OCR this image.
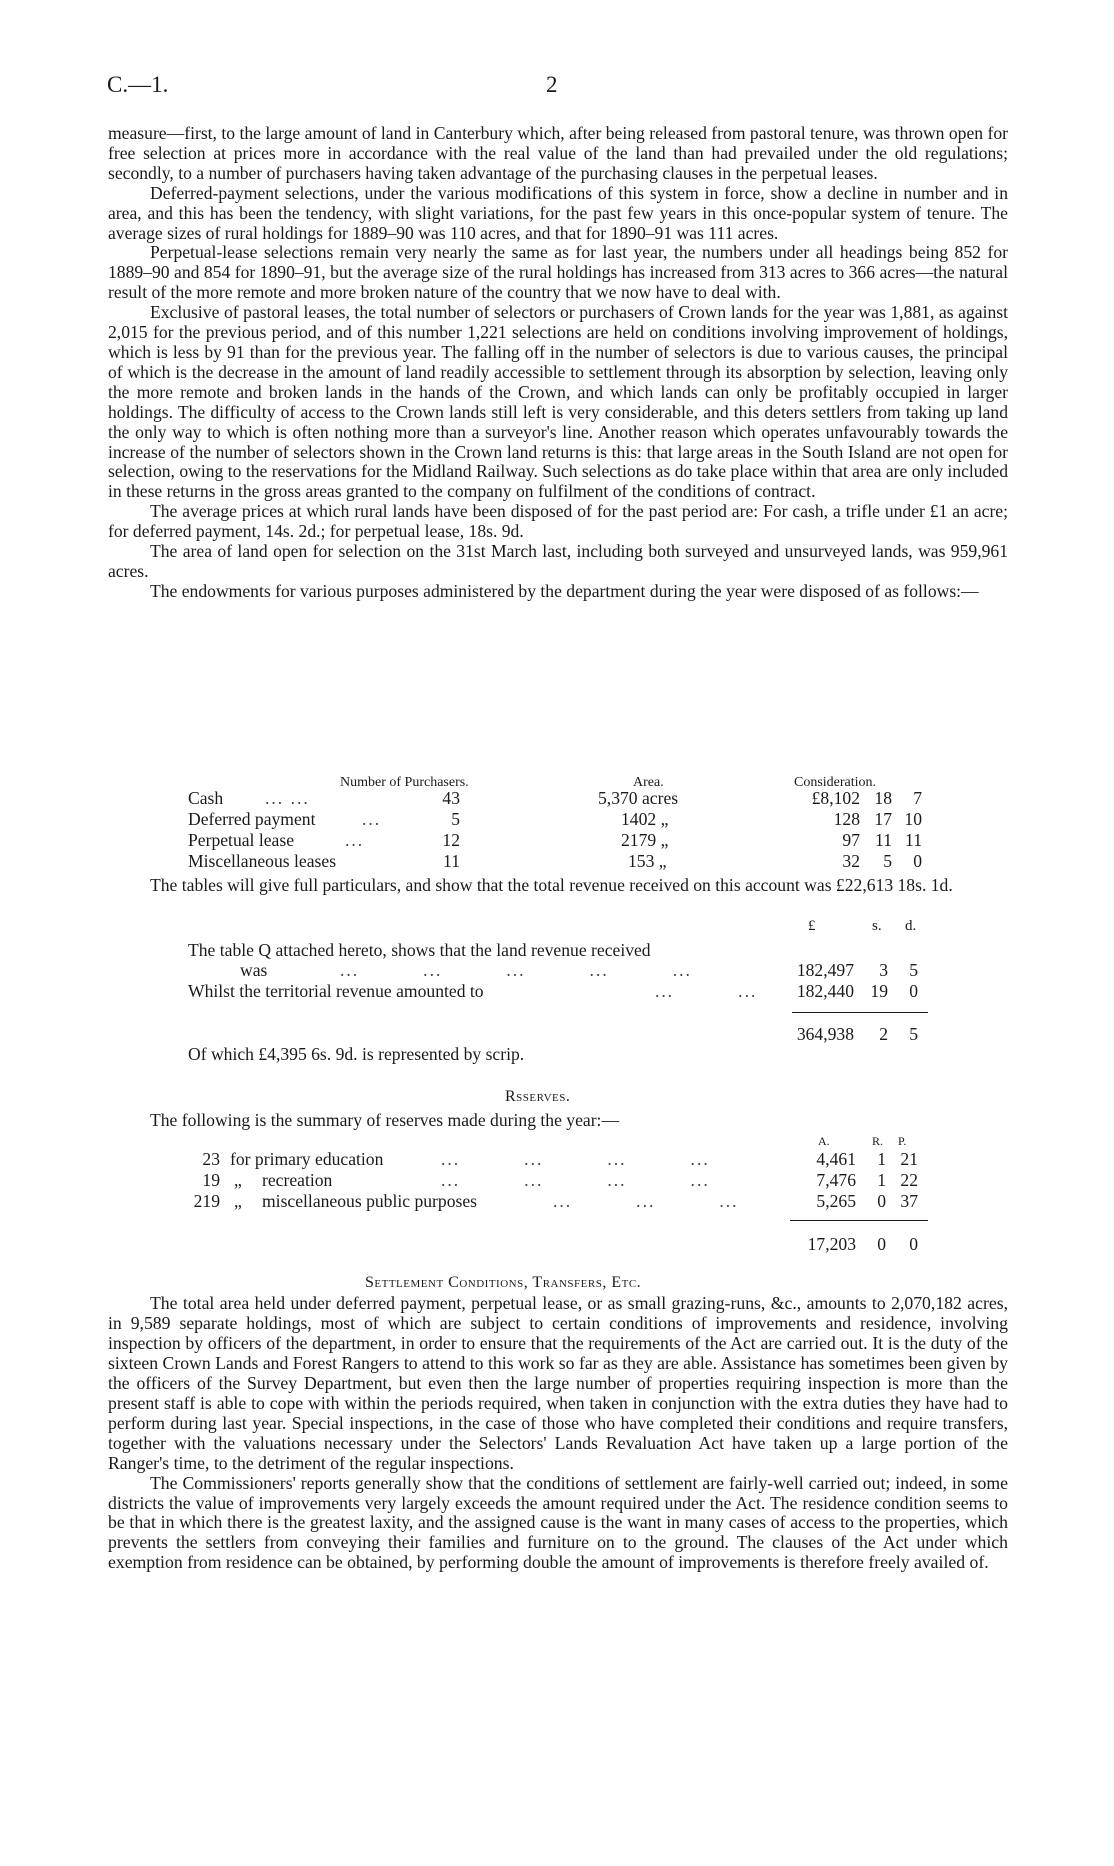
C.—1.	2

measure—first, to the large amount of land in Canterbury which, after being released from pastoral tenure, was thrown open for free selection at prices more in accordance with the real value of the land than had prevailed under the old regulations; secondly, to a number of purchasers having taken advantage of the purchasing clauses in the perpetual leases.

Deferred-payment selections, under the various modifications of this system in force, show a decline in number and in area, and this has been the tendency, with slight variations, for the past few years in this once-popular system of tenure. The average sizes of rural holdings for 1889–90 was 110 acres, and that for 1890–91 was 111 acres.

Perpetual-lease selections remain very nearly the same as for last year, the numbers under all headings being 852 for 1889–90 and 854 for 1890–91, but the average size of the rural holdings has increased from 313 acres to 366 acres—the natural result of the more remote and more broken nature of the country that we now have to deal with.

Exclusive of pastoral leases, the total number of selectors or purchasers of Crown lands for the year was 1,881, as against 2,015 for the previous period, and of this number 1,221 selections are held on conditions involving improvement of holdings, which is less by 91 than for the previous year. The falling off in the number of selectors is due to various causes, the principal of which is the decrease in the amount of land readily accessible to settlement through its absorption by selection, leaving only the more remote and broken lands in the hands of the Crown, and which lands can only be profitably occupied in larger holdings. The difficulty of access to the Crown lands still left is very considerable, and this deters settlers from taking up land the only way to which is often nothing more than a surveyor's line. Another reason which operates unfavourably towards the increase of the number of selectors shown in the Crown land returns is this: that large areas in the South Island are not open for selection, owing to the reservations for the Midland Railway. Such selections as do take place within that area are only included in these returns in the gross areas granted to the company on fulfilment of the conditions of contract.

The average prices at which rural lands have been disposed of for the past period are: For cash, a trifle under £1 an acre; for deferred payment, 14s. 2d.; for perpetual lease, 18s. 9d.

The area of land open for selection on the 31st March last, including both surveyed and unsurveyed lands, was 959,961 acres.

The endowments for various purposes administered by the department during the year were disposed of as follows:—

Number of Purchasers.	Area.	Consideration.
Cash ... ...	43	5,370 acres	£8,102 18	7
Deferred payment	...	5	1402 „	128 17 10
Perpetual lease	...	12	2179 „	97 11 11
Miscellaneous leases	11	153 „	32	5	0

The tables will give full particulars, and show that the total revenue received on this account was £22,613 18s. 1d.

£	s. d.
The table Q attached hereto, shows that the land revenue received
was	...          ...          ...          ...          ...	182,497	3	5
Whilst the territorial revenue amounted to	...          ...	182,440 19	0
364,938	2	5
Of which £4,395 6s. 9d. is represented by scrip.
Rsserves.
The following is the summary of reserves made during the year:—
A.	R. P.
23 for primary education	...          ...          ...          ...	4,461	1 21
19 „ recreation	...          ...          ...          ...	7,476	1 22
219 „ miscellaneous public purposes	...          ...          ...	5,265	0 37
17,203	0	0
Settlement Conditions, Transfers, Etc.

The total area held under deferred payment, perpetual lease, or as small grazing-runs, &c., amounts to 2,070,182 acres, in 9,589 separate holdings, most of which are subject to certain conditions of improvements and residence, involving inspection by officers of the department, in order to ensure that the requirements of the Act are carried out. It is the duty of the sixteen Crown Lands and Forest Rangers to attend to this work so far as they are able. Assistance has sometimes been given by the officers of the Survey Department, but even then the large number of properties requiring inspection is more than the present staff is able to cope with within the periods required, when taken in conjunction with the extra duties they have had to perform during last year. Special inspections, in the case of those who have completed their conditions and require transfers, together with the valuations necessary under the Selectors' Lands Revaluation Act have taken up a large portion of the Ranger's time, to the detriment of the regular inspections.

The Commissioners' reports generally show that the conditions of settlement are fairly-well carried out; indeed, in some districts the value of improvements very largely exceeds the amount required under the Act. The residence condition seems to be that in which there is the greatest laxity, and the assigned cause is the want in many cases of access to the properties, which prevents the settlers from conveying their families and furniture on to the ground. The clauses of the Act under which exemption from residence can be obtained, by performing double the amount of improvements is therefore freely availed of.
